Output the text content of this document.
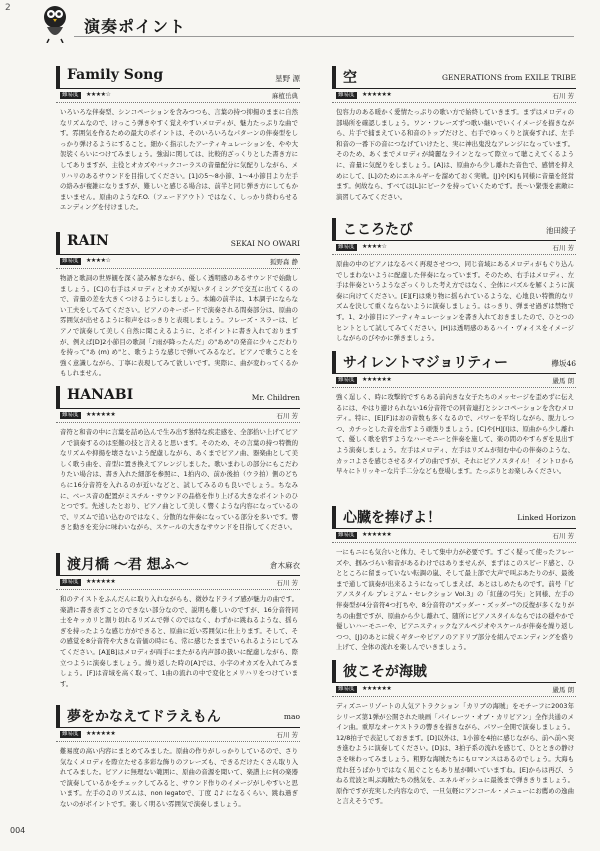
2
演奏ポイント
Family Song	星野 源
難易度	★★★★☆	麻植岳典
いろいろな伴奏型、シンコペーションを含みつつも、言葉の持つ抑揚のままに自然なリズムなので、けっこう弾きやすく覚えやすいメロディが、魅力たっぷりな曲です。雰囲気を作るための最大のポイントは、そのいろいろなパターンの伴奏型をしっかり弾けるようにすること。細かく指示したアーティキュレーションを、やや大袈裟くらいにつけてみましょう。強弱に関しては、比較的ざっくりとした書き方にしてありますが、主役とオカズやバックコーラスの音量配分に気配りしながら、メリハリのあるサウンドを目指してください。[1]の5～8小節、1～4小節目より左手の絡みが複雑になりますが、難しいと感じる場合は、前半と同じ弾き方にしてもかまいません。原曲のようなF.O.（フェードアウト）ではなく、しっかり終わらせるエンディングを付けました。
RAIN	SEKAI NO OWARI
難易度	★★★★☆	狐野森 静
物語と歌詞の世界観を深く読み解きながら、優しく透明感のあるサウンドで始動しましょう。[C]の右手はメロディとオカズが短いタイミングで交互に出てくるので、音量の差を大きくつけるようにしましょう。本編の前半は、1本調子にならない工夫をしてみてください。ピアノのキーボードで演奏される間奏部分は、原曲の雰囲気が出せるように和声をはっきりと表現しましょう。フレーズ・スラーは、ピアノで演奏して美しく自然に聞こえるように、とポイントに書き入れておりますが、例えば[D]2小節目の歌詞「♪雨が降ったんだ」の"あめ"の発音に少々こだわりを持って"あ (m) め"と、歌うような感じで弾いてみるなど。ピアノで歌うことを強く意識しながら、丁寧に表現してみて欲しいです。実際に、曲が変わってくるかもしれません。
HANABI	Mr. Children
難易度	★★★★★★	石川 芳
音符と和音の中に言葉を詰め込んで生み出す独特な疾走感を、全部拾い上げてピアノで演奏するのは至難の技と言えると思います。そのため、その言葉の持つ特徴的なリズムや抑揚を壊さないよう配慮しながら、あくまでピアノ曲、器楽曲として美しく歌う曲を、音型に置き換えてアレンジしました。歌いまわしの部分にもこだわりたい場合は、書き入れた細部を参照に、1拍内の、前か後拍（ウラ拍）側のどちらに16分音符を入れるのが近いなどと、試してみるのも良いでしょう。ちなみに、ベース音の配置がミスチル・サウンドの品格を作り上げる大きなポイントのひとつです。先述したとおり、ピアノ曲として美しく響くような内容になっているので、リズムで追い込むのではなく、分散的な伴奏になっている部分を多いです。響きと動きを充分に味わいながら、スケールの大きなサウンドを目指してください。
渡月橋 〜君 想ふ〜	倉木麻衣
難易度	★★★★★★	石川 芳
和のテイストをふんだんに取り入れながらも、微妙なドライブ感が魅力の曲です。楽譜に書き表すことのできない部分なので、説明も難しいのですが、16分音符同士をキッカリと割り切れるリズムで弾くのではなく、わずかに跳ねるような、揺らぎを持ったような感じ方ができると、原曲に近い雰囲気に仕上ります。そして、その感覚を8分音符や大きな音価の時にも、常に感じたままでいられるようにしてみてください。[A][B]はメロディが両手にまたがる内声部の扱いに配慮しながら、際立つように演奏しましょう。繰り返した時の[A]では、小字のオカズを入れてみましょう。[F]は音域を高く取って、1曲の流れの中で変化とメリハリをつけています。
夢をかなえてドラえもん	mao
難易度	★★★★★★	石川 芳
難易度の高い内容にまとめてみました。原曲の作りがしっかりしているので、さり気なくメロディを際立たせる多彩な飾りのフレーズも、できるだけたくさん取り入れてみました。ピアノに無理ない範囲に、原曲の音源を聞いて、楽譜上に何の楽器で演奏しているかをチェックしてみると、サウンド作りのイメージがしやすいと思います。左手の♫のリズムは、non legatoで、丁度 ♫♪ になるくらい、跳ね過ぎないのがポイントです。楽しく明るい雰囲気で演奏しましょう。
空	GENERATIONS from EXILE TRIBE
難易度	★★★★★★	石川 芳
包容力のある暖かく愛情たっぷりの歌い方で始終していきます。まずはメロディの部場所を確認しましょう。ワン・フレーズずつ歌い継いでいくイメージを描きながら、片手で捕まえている和音のトップだけと、右手でゆっくりと演奏すれば、左手和音の一番下の音につなげていけたと、実に神出鬼没なアレンジになっています。そのため、あくまでメロディが綺麗なラインとなって際立って聴こえてくるように、音量に気配りをしましょう。[A]は、原曲から少し離れた音色で、感情を抑えめにして、[L]のためにエネルギーを溜めておく実戦。[J]や[K]も同様に音量を経営ます。何故なら、すべては[L]にピークを持っていくためです。長〜い緊張を素敵に演習してみてください。
こころたび	池田綾子
難易度	★★★★☆	石川 芳
原曲の中のピアノはなるべく再現させつつ、同じ音域にあるメロディがもぐり込んでしまわないように配慮した伴奏になっています。そのため、右手はメロディ、左手は伴奏というようなざっくりした考え方ではなく、全体にパズルを解くように演奏に向けてください。[E][F]は乗り物に揺られているような、心地良い特徴的なリズムを決して重くならないように演奏しましょう。はっきり、弾ませ過ぎは禁物です。1、2小節目にアーティキュレーションを書き入れておきましたので、ひとつのヒントとして試してみてください。[H]は透明感のあるハイ・ヴォイスをイメージしながらのびやかに弾きましょう。
サイレントマジョリティー	欅坂46
難易度	★★★★★★	嚴馬 朗
強く逞しく、時に攻撃的ですらある前向きな女子たちのメッセージを歪めずに伝えるには、やはり避けられない16分音符での同音連打とシンコペーションを含むメロディ。特に、[E][F]はおの音数も多くなるので、パワーを平均しながら、脱力しつつ、カチっとした音を出すよう頑張りましょう。[C]や[H][I]は、原曲から少し離れて、優しく歌を宿すようなハーモニーと伴奏を施して、楽の間のやすらぎを見出すよう演奏しましょう。左手はメロディ、左手はリズムが刻む中心の伴奏のような、カッコよさを感じさせるタイプの曲ですが、それにピアノスタイル！ イントロから早々にトリッキーな片手二分なども登場します。たっぷりとお楽しみください。
心臓を捧げよ！	Linked Horizon
難易度	★★★★★★	石川 芳
一にもニにも気合いと体力、そして集中力が必要です。すごく疑って使ったフレーズや、掴みづらい和音があるわけではありませんが、まずはこのスピード感と、ひとところに留まっていない転調の嵐、そして最上部で大声で叫ぶあたりのが、最後まで通して演奏が出来るようになってしまえば、あとはしめたものです。前号『ピアノスタイル プレミアム・セレクション Vol.3』の「紅蓮の弓矢」と同様、左手の伴奏型が4分音符4つ打ちや、8分音符の"ズッダー・ズッダー"の反復が多くなりがちの曲想ですが、原曲から少し離れて、随所にピアノスタイルならではの穏やかで優しいハーモニーや、ピアニスティックなアルペジオやスケールが伴奏を繰り返しつつ、[J]のあとに続くギターやピアノのアドリブ部分を組んでエンディングを盛り上げて、全体の流れを楽しんでいきましょう。
彼こそが海賊
難易度	★★★★★★	嚴馬 朗
ディズニーリゾートの人気アトラクション「カリブの海賊」をモチーフに2003年シリーズ第1弾が公開された映画「パイレーツ・オブ・カリビアン」全作共通のメイン曲。重厚なオーケストラの響きを描きながら、パワー全開で演奏しましょう。12/8拍子で表記しておきます。[D]以外は、1小節を4拍に感じながら、前へ前へ突き進むように演奏してください。[D]は、3拍子系の流れを感じて、ひとときの静けさを味わってみましょう。粗野な海賊たちにもロマンスはあるのでしょう。大海も荒れ狂うばかりではなく凪ぐこともあり星が瞬いていますね。[E]からは再び、うねる荒波と叫ぶ海賊たちの熱気を、エネルギッシュに最後まで弾ききりましょう。原作ですが充実した内容なので、一旦気軽にアンコール・メニューにお薦めの逸曲と言えそうです。
004
